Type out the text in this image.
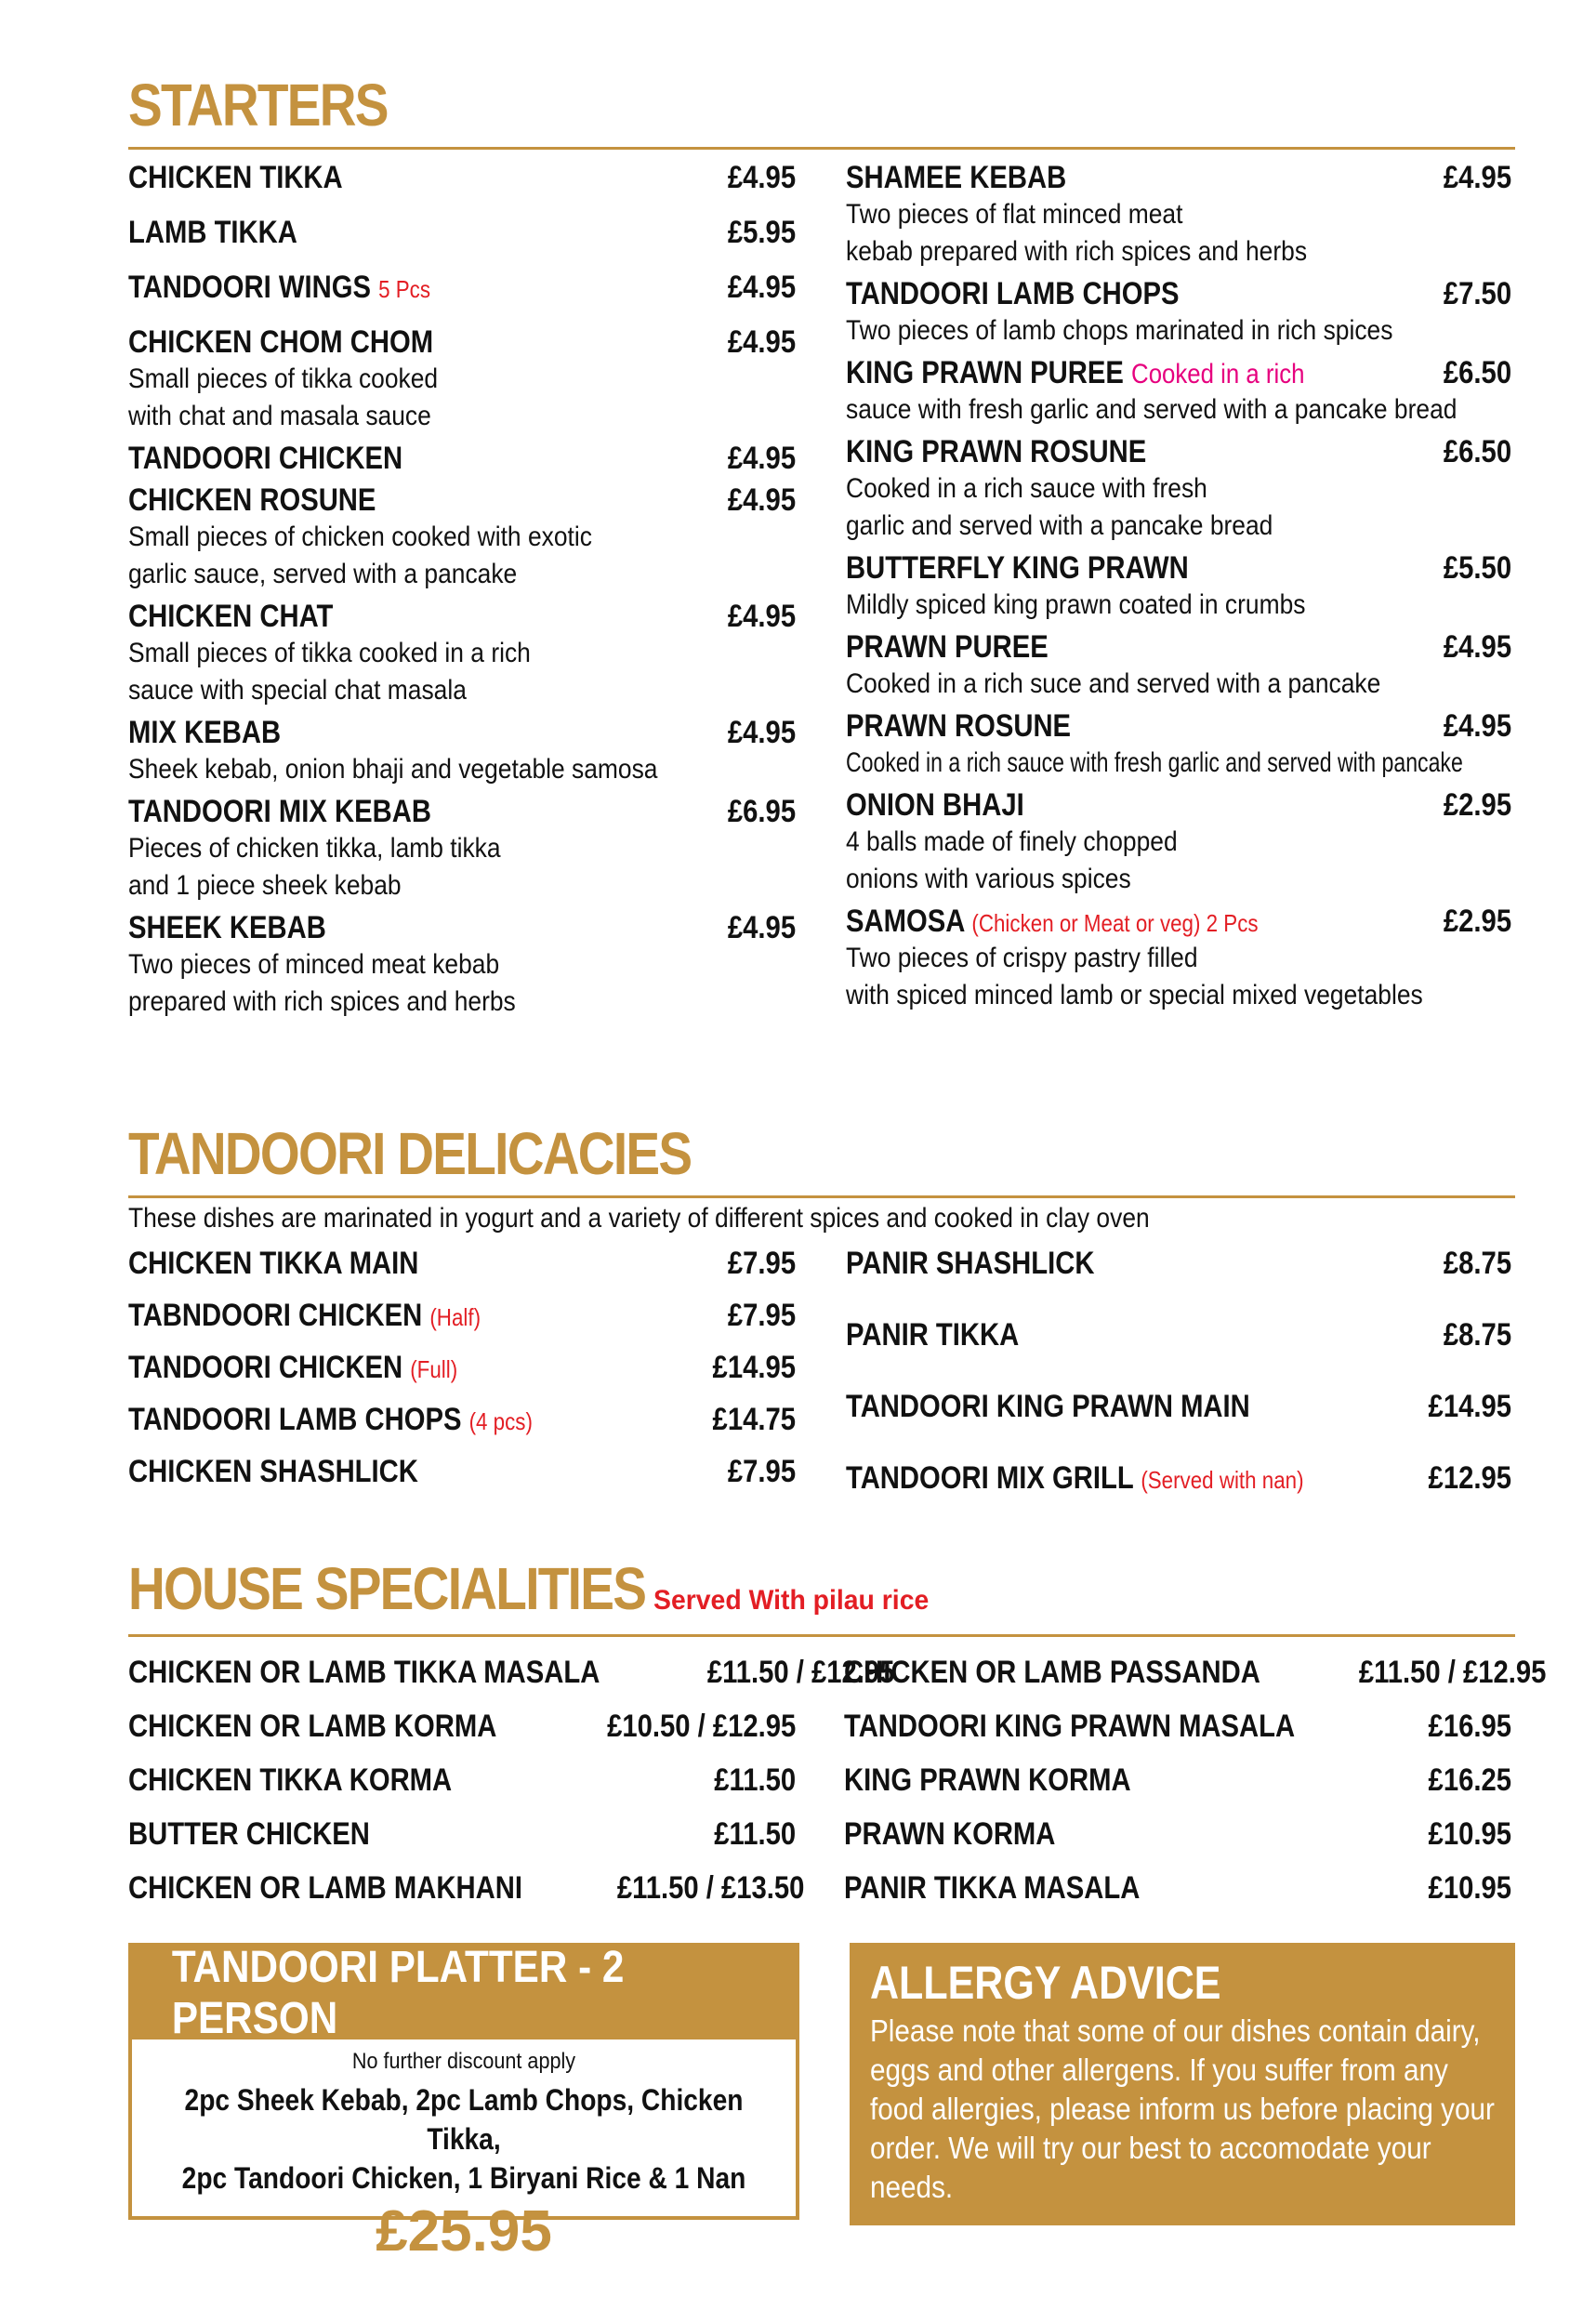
STARTERS
CHICKEN TIKKA	£4.95
LAMB TIKKA	£5.95
TANDOORI WINGS 5 Pcs	£4.95
CHICKEN CHOM CHOM	£4.95
Small pieces of tikka cooked
with chat and masala sauce
TANDOORI CHICKEN	£4.95
CHICKEN ROSUNE	£4.95
Small pieces of chicken cooked with exotic
garlic sauce, served with a pancake
CHICKEN CHAT	£4.95
Small pieces of tikka cooked in a rich
sauce with special chat masala
MIX KEBAB	£4.95
Sheek kebab, onion bhaji and vegetable samosa
TANDOORI MIX KEBAB	£6.95
Pieces of chicken tikka, lamb tikka
and 1 piece sheek kebab
SHEEK KEBAB	£4.95
Two pieces of minced meat kebab
prepared with rich spices and herbs
SHAMEE KEBAB	£4.95
Two pieces of flat minced meat
kebab prepared with rich spices and herbs
TANDOORI LAMB CHOPS	£7.50
Two pieces of lamb chops marinated in rich spices
KING PRAWN PUREE Cooked in a rich	£6.50
sauce with fresh garlic and served with a pancake bread
KING PRAWN ROSUNE	£6.50
Cooked in a rich sauce with fresh
garlic and served with a pancake bread
BUTTERFLY KING PRAWN	£5.50
Mildly spiced king prawn coated in crumbs
PRAWN PUREE	£4.95
Cooked in a rich suce and served with a pancake
PRAWN ROSUNE	£4.95
Cooked in a rich sauce with fresh garlic and served with pancake
ONION BHAJI	£2.95
4 balls made of finely chopped
onions with various spices
SAMOSA (Chicken or Meat or veg) 2 Pcs	£2.95
Two pieces of crispy pastry filled
with spiced minced lamb or special mixed vegetables
TANDOORI DELICACIES
These dishes are marinated in yogurt and a variety of different spices and cooked in clay oven
CHICKEN TIKKA MAIN	£7.95
TABNDOORI CHICKEN (Half)	£7.95
TANDOORI CHICKEN (Full)	£14.95
TANDOORI LAMB CHOPS (4 pcs)	£14.75
CHICKEN SHASHLICK	£7.95
PANIR SHASHLICK	£8.75
PANIR TIKKA	£8.75
TANDOORI KING PRAWN MAIN	£14.95
TANDOORI MIX GRILL (Served with nan)	£12.95
HOUSE SPECIALITIES Served With pilau rice
CHICKEN OR LAMB TIKKA MASALA	£11.50 / £12.95
CHICKEN OR LAMB KORMA	£10.50 / £12.95
CHICKEN TIKKA KORMA	£11.50
BUTTER CHICKEN	£11.50
CHICKEN OR LAMB MAKHANI	£11.50 / £13.50
CHICKEN OR LAMB PASSANDA	£11.50 / £12.95
TANDOORI KING PRAWN MASALA	£16.95
KING PRAWN KORMA	£16.25
PRAWN KORMA	£10.95
PANIR TIKKA MASALA	£10.95
TANDOORI PLATTER - 2 PERSON
No further discount apply
2pc Sheek Kebab, 2pc Lamb Chops, Chicken Tikka,
2pc Tandoori Chicken, 1 Biryani Rice & 1 Nan
£25.95
ALLERGY ADVICE
Please note that some of our dishes contain dairy, eggs and other allergens. If you suffer from any food allergies, please inform us before placing your order. We will try our best to accomodate your needs.
